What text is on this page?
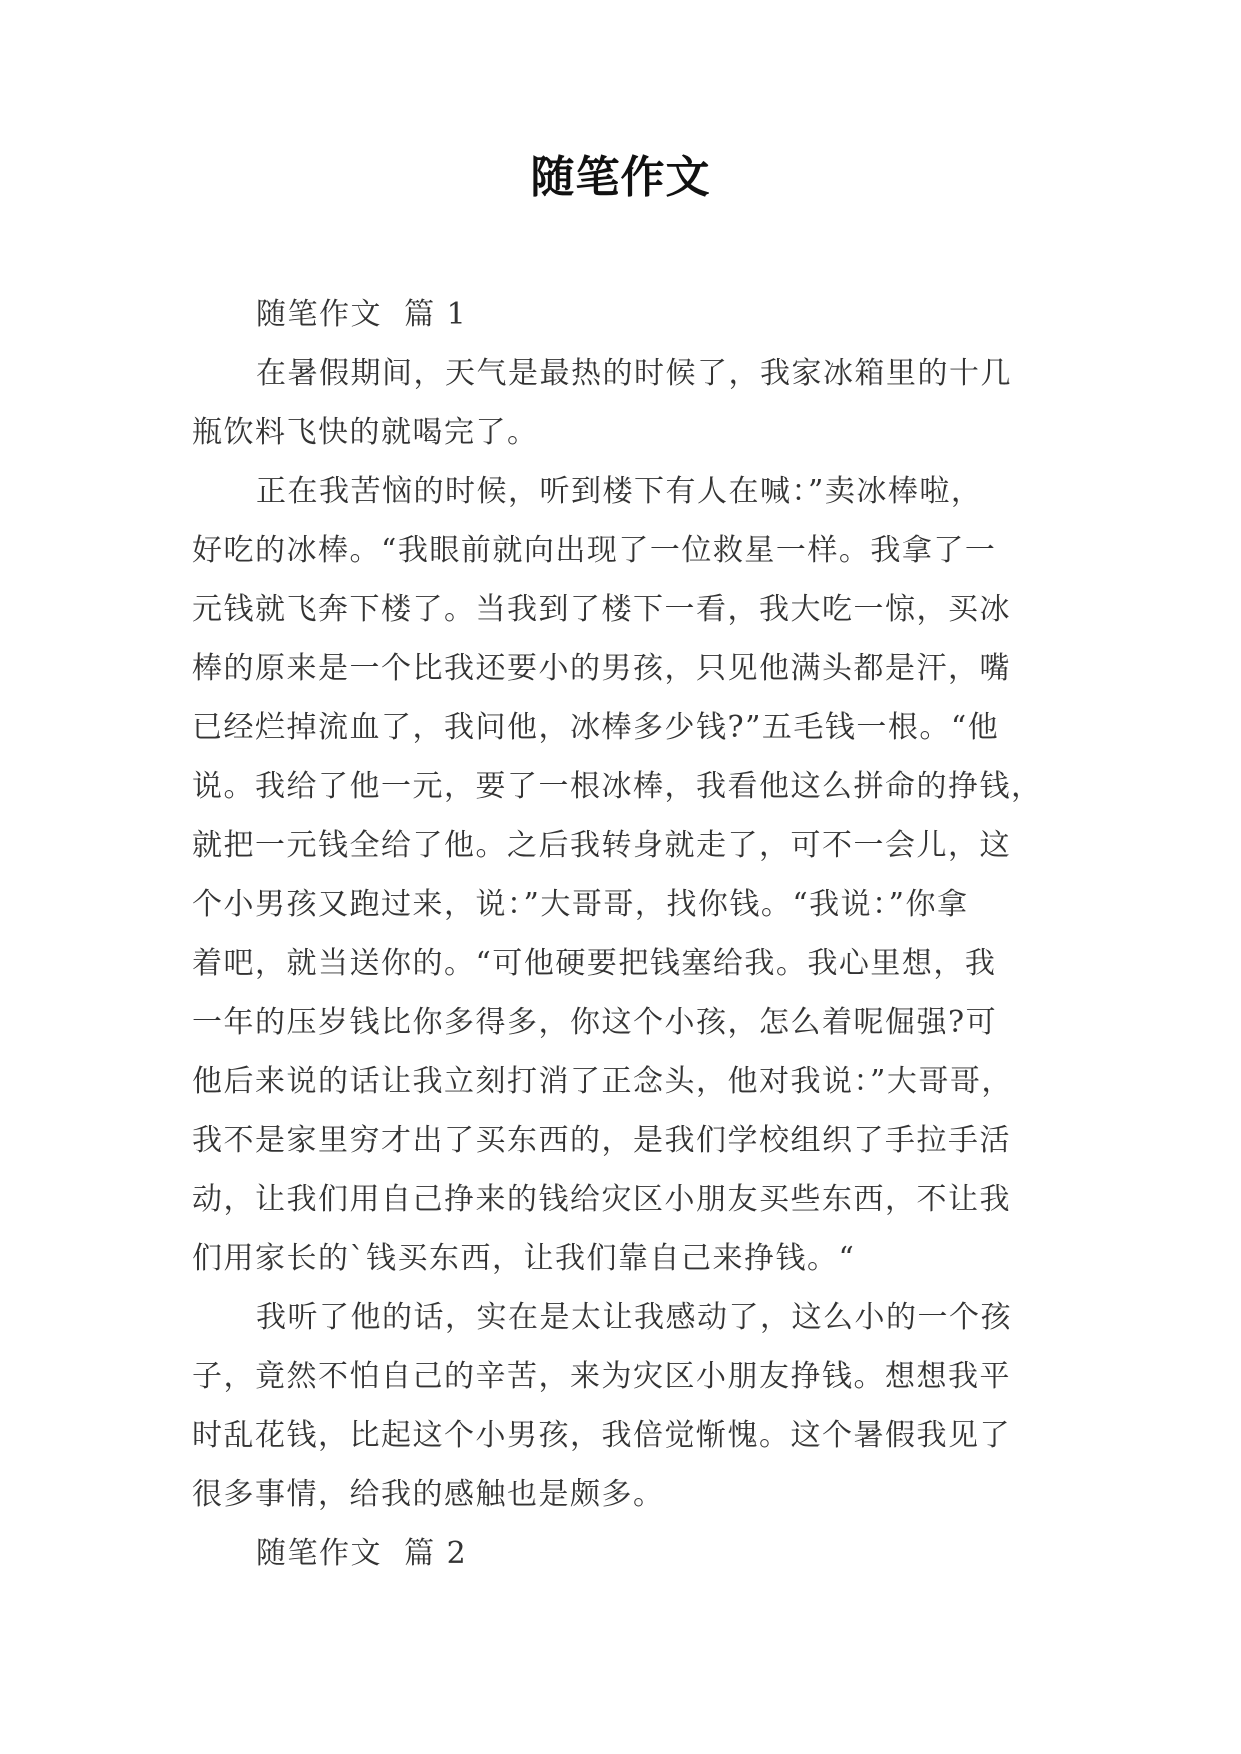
随笔作文
随笔作文  篇 1
在暑假期间，天气是最热的时候了，我家冰箱里的十几
瓶饮料飞快的就喝完了。
正在我苦恼的时候，听到楼下有人在喊：”卖冰棒啦，
好吃的冰棒。“我眼前就向出现了一位救星一样。我拿了一
元钱就飞奔下楼了。当我到了楼下一看，我大吃一惊，买冰
棒的原来是一个比我还要小的男孩，只见他满头都是汗，嘴
已经烂掉流血了，我问他，冰棒多少钱?”五毛钱一根。“他
说。我给了他一元，要了一根冰棒，我看他这么拼命的挣钱，
就把一元钱全给了他。之后我转身就走了，可不一会儿，这
个小男孩又跑过来，说：”大哥哥，找你钱。“我说：”你拿
着吧，就当送你的。“可他硬要把钱塞给我。我心里想，我
一年的压岁钱比你多得多，你这个小孩，怎么着呢倔强?可
他后来说的话让我立刻打消了正念头，他对我说：”大哥哥，
我不是家里穷才出了买东西的，是我们学校组织了手拉手活
动，让我们用自己挣来的钱给灾区小朋友买些东西，不让我
们用家长的`钱买东西，让我们靠自己来挣钱。“
我听了他的话，实在是太让我感动了，这么小的一个孩
子，竟然不怕自己的辛苦，来为灾区小朋友挣钱。想想我平
时乱花钱，比起这个小男孩，我倍觉惭愧。这个暑假我见了
很多事情，给我的感触也是颇多。
随笔作文  篇 2
